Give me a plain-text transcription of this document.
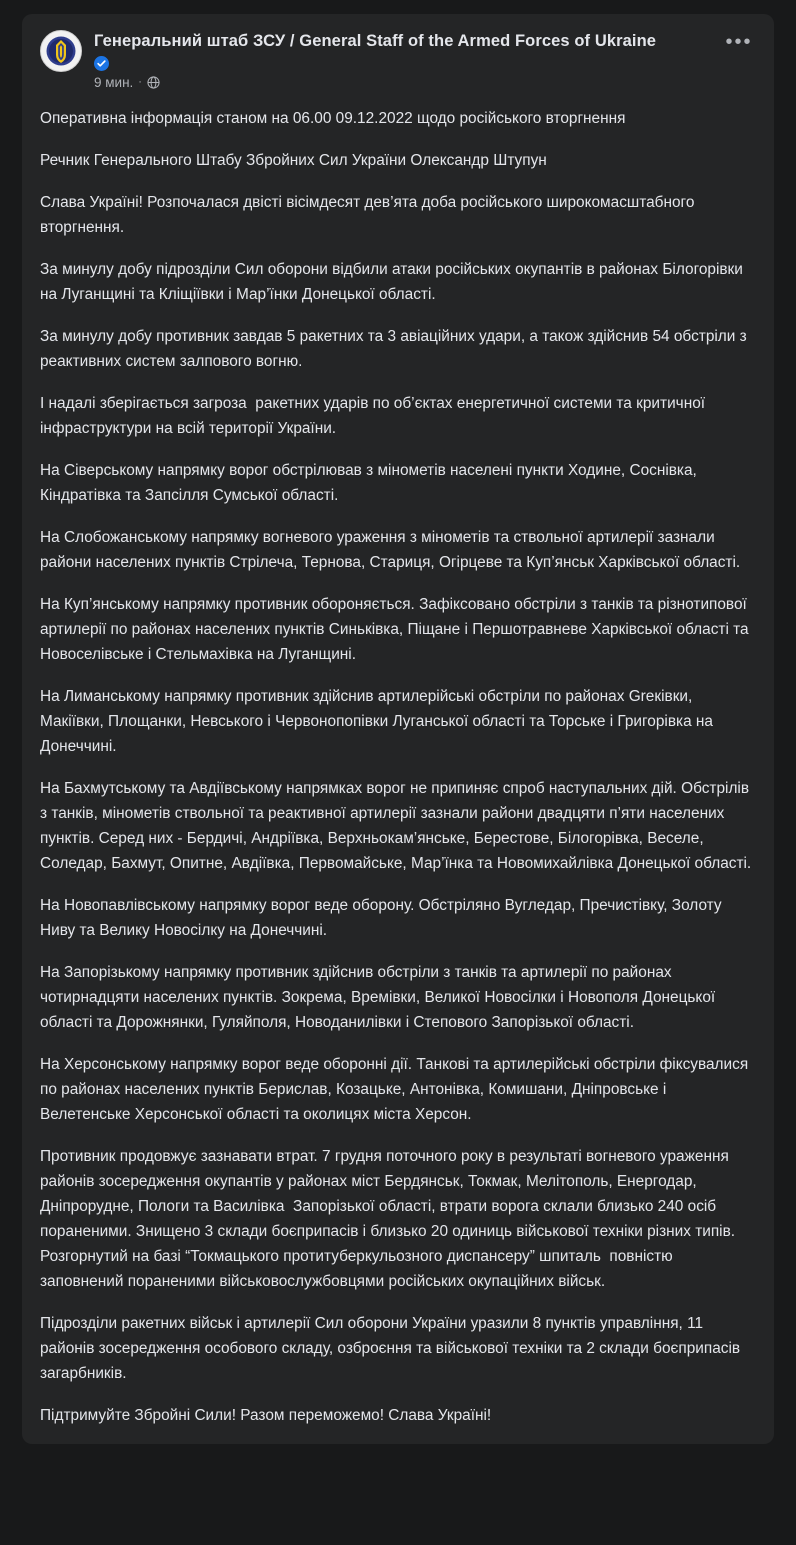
Генеральний штаб ЗСУ / General Staff of the Armed Forces of Ukraine
9 мин. ·
•••

Оперативна інформація станом на 06.00 09.12.2022 щодо російського вторгнення

Речник Генерального Штабу Збройних Сил України Олександр Штупун

Слава Україні! Розпочалася двісті вісімдесят дев’ята доба російського широкомасштабного вторгнення.

За минулу добу підрозділи Сил оборони відбили атаки російських окупантів в районах Білогорівки на Луганщині та Кліщіївки і Мар’їнки Донецької області.

За минулу добу противник завдав 5 ракетних та 3 авіаційних удари, а також здійснив 54 обстріли з реактивних систем залпового вогню.

І надалі зберігається загроза  ракетних ударів по об’єктах енергетичної системи та критичної інфраструктури на всій території України.

На Сіверському напрямку ворог обстрілював з мінометів населені пункти Ходине, Соснівка, Кіндратівка та Запсілля Сумської області.

На Слобожанському напрямку вогневого ураження з мінометів та ствольної артилерії зазнали райони населених пунктів Стрілеча, Тернова, Стариця, Огірцеве та Куп’янськ Харківської області.

На Куп’янському напрямку противник обороняється. Зафіксовано обстріли з танків та різнотипової артилерії по районах населених пунктів Синьківка, Піщане і Першотравневе Харківської області та Новоселівське і Стельмахівка на Луганщині.

На Лиманському напрямку противник здійснив артилерійські обстріли по районах Greківки, Макіївки, Площанки, Невського і Червонопопівки Луганської області та Торське і Григорівка на Донеччині.

На Бахмутському та Авдіївському напрямках ворог не припиняє спроб наступальних дій. Обстрілів з танків, мінометів ствольної та реактивної артилерії зазнали райони двадцяти п’яти населених пунктів. Серед них - Бердичі, Андріївка, Верхньокам’янське, Берестове, Білогорівка, Веселе, Соледар, Бахмут, Опитне, Авдіївка, Первомайське, Мар’їнка та Новомихайлівка Донецької області.

На Новопавлівському напрямку ворог веде оборону. Обстріляно Вугледар, Пречистівку, Золоту Ниву та Велику Новосілку на Донеччині.

На Запорізькому напрямку противник здійснив обстріли з танків та артилерії по районах чотирнадцяти населених пунктів. Зокрема, Времівки, Великої Новосілки і Новополя Донецької області та Дорожнянки, Гуляйполя, Новоданилівки і Степового Запорізької області.

На Херсонському напрямку ворог веде оборонні дії. Танкові та артилерійські обстріли фіксувалися по районах населених пунктів Берислав, Козацьке, Антонівка, Комишани, Дніпровське і Велетенське Херсонської області та околицях міста Херсон.

Противник продовжує зазнавати втрат. 7 грудня поточного року в результаті вогневого ураження районів зосередження окупантів у районах міст Бердянськ, Токмак, Мелітополь, Енергодар, Дніпрорудне, Пологи та Василівка  Запорізької області, втрати ворога склали близько 240 осіб пораненими. Знищено 3 склади боєприпасів і близько 20 одиниць військової техніки різних типів. Розгорнутий на базі “Токмацького протитуберкульозного диспансеру” шпиталь  повністю заповнений пораненими військовослужбовцями російських окупаційних військ.

Підрозділи ракетних військ і артилерії Сил оборони України уразили 8 пунктів управління, 11 районів зосередження особового складу, озброєння та військової техніки та 2 склади боєприпасів загарбників.

Підтримуйте Збройні Сили! Разом переможемо! Слава Україні!
